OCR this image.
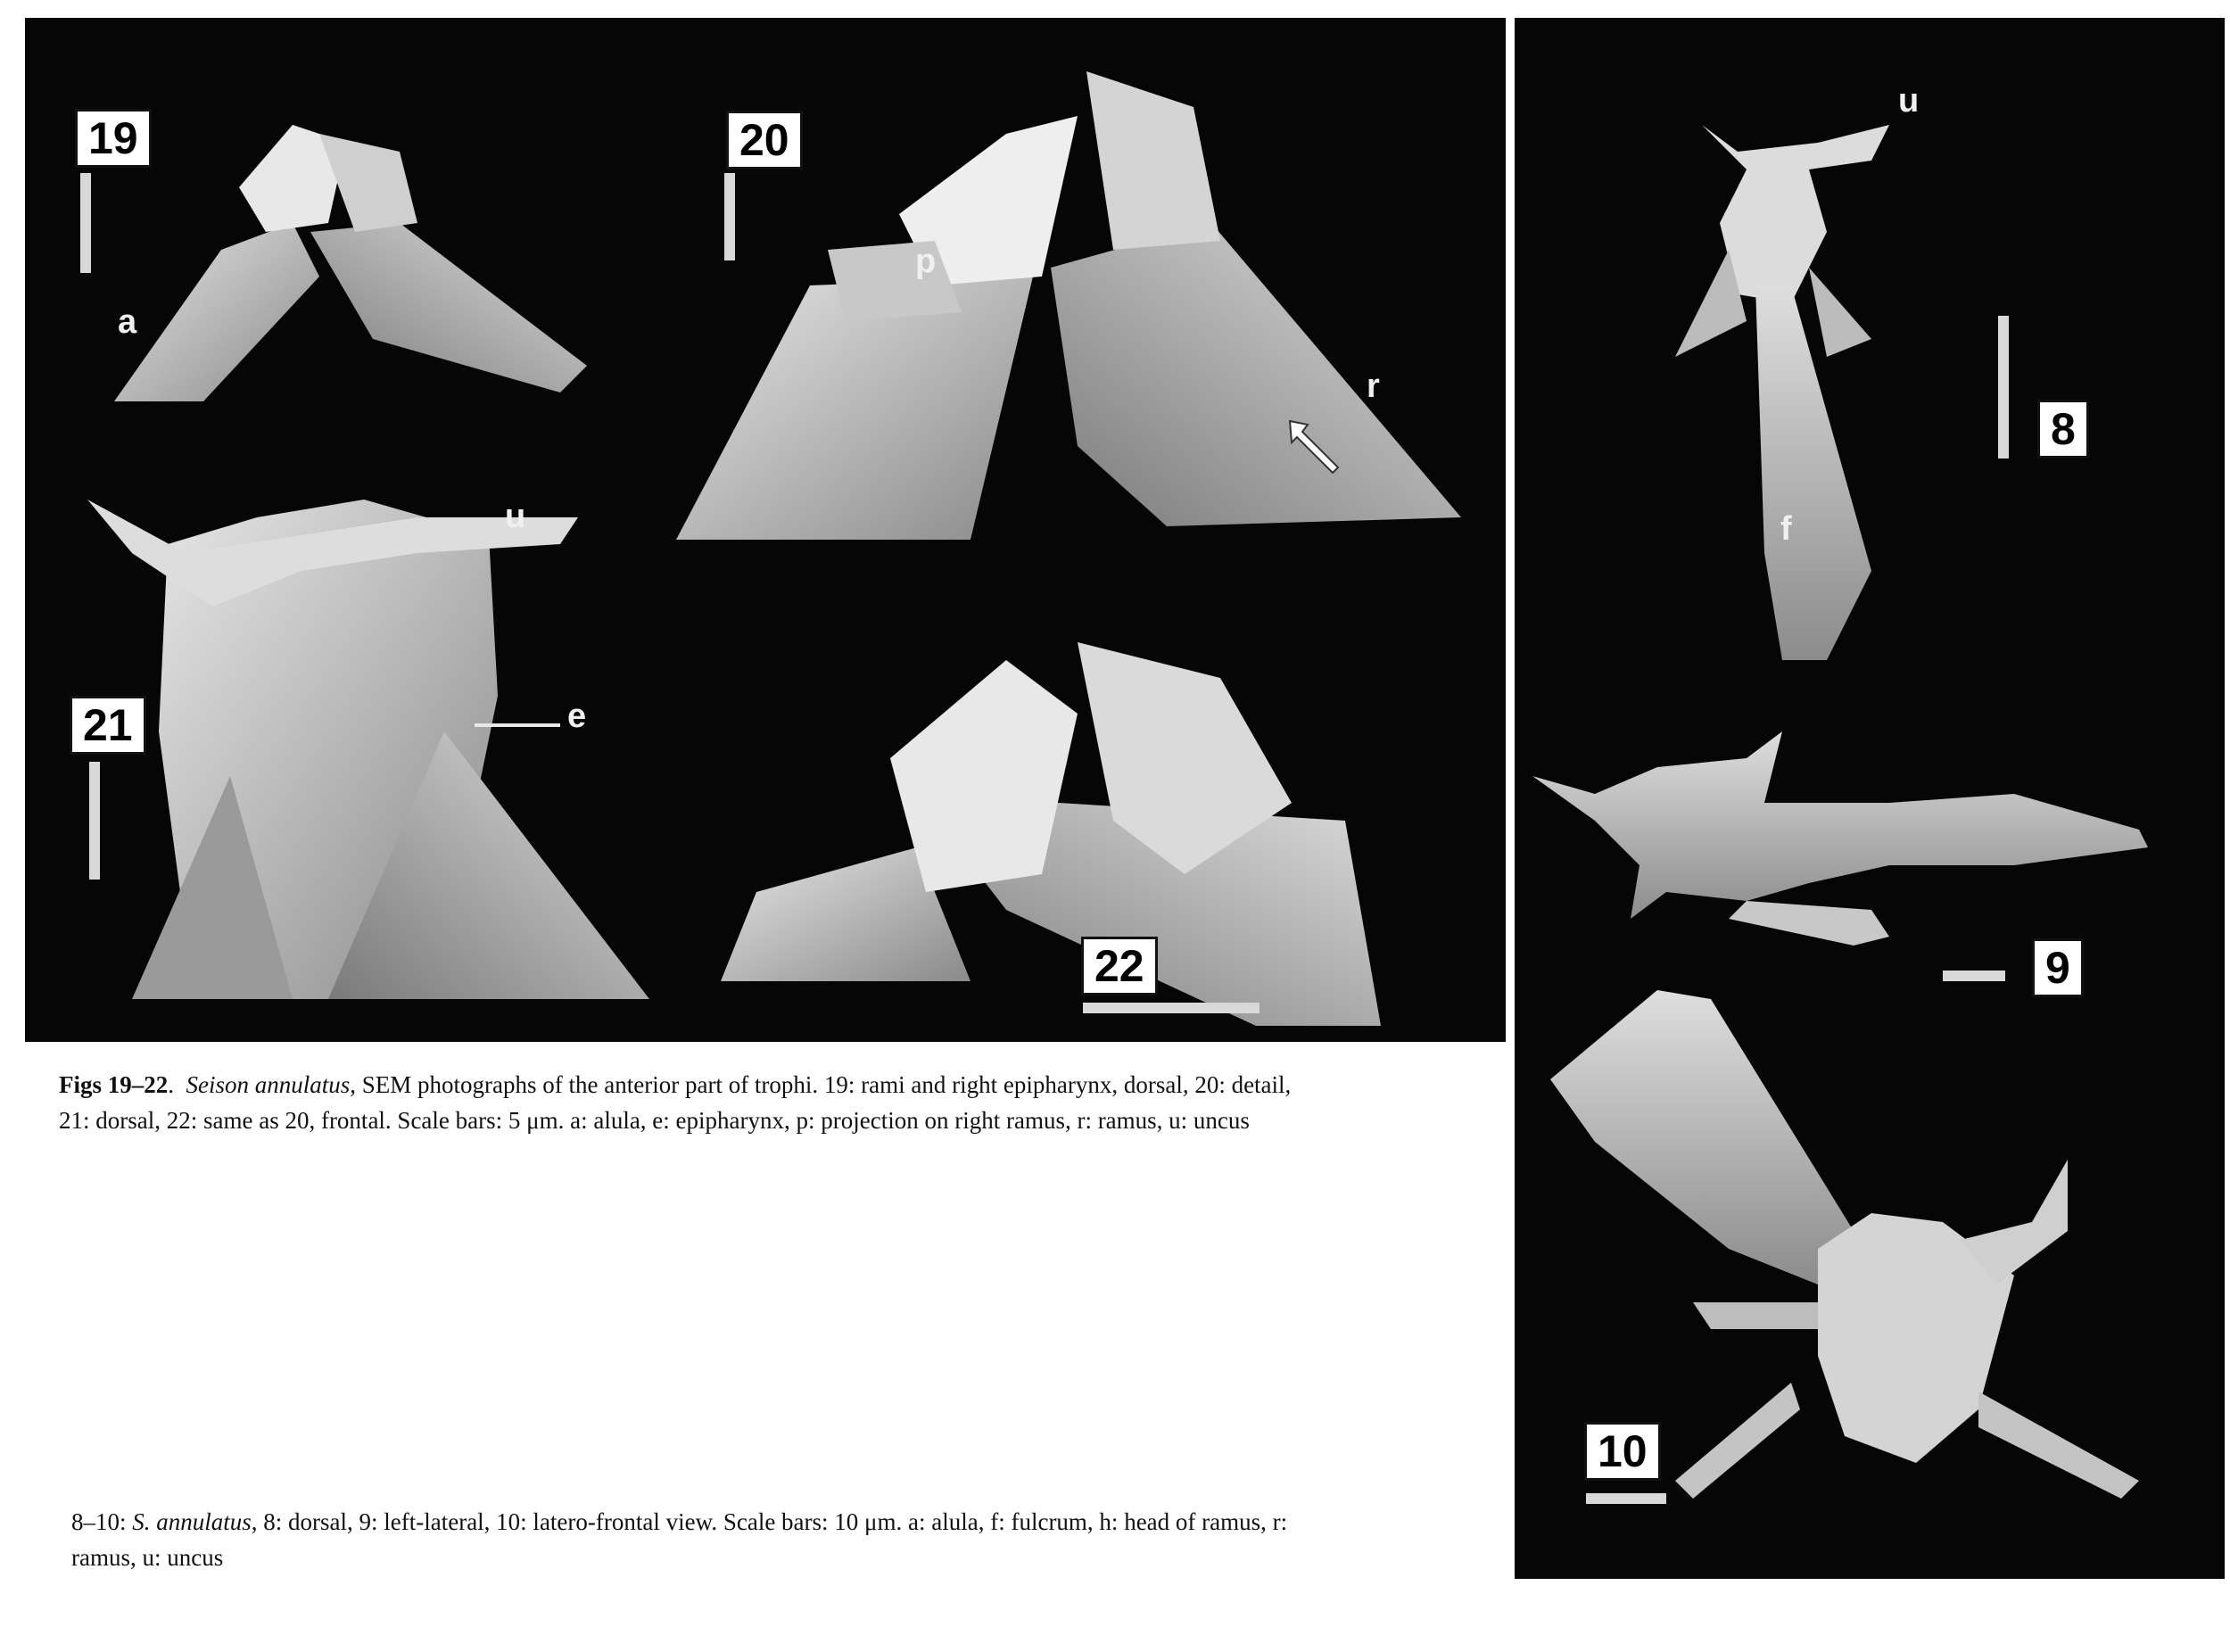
19
a
20
p
r
u
21	e
22
u
8
f
9
10
Figs 19–22.  Seison annulatus, SEM photographs of the anterior part of trophi. 19: rami and right epipharynx, dorsal, 20: detail,
21: dorsal, 22: same as 20, frontal. Scale bars: 5 μm. a: alula, e: epipharynx, p: projection on right ramus, r: ramus, u: uncus
8–10: S. annulatus, 8: dorsal, 9: left-lateral, 10: latero-frontal view. Scale bars: 10 μm. a: alula, f: fulcrum, h: head of ramus, r:
ramus, u: uncus
